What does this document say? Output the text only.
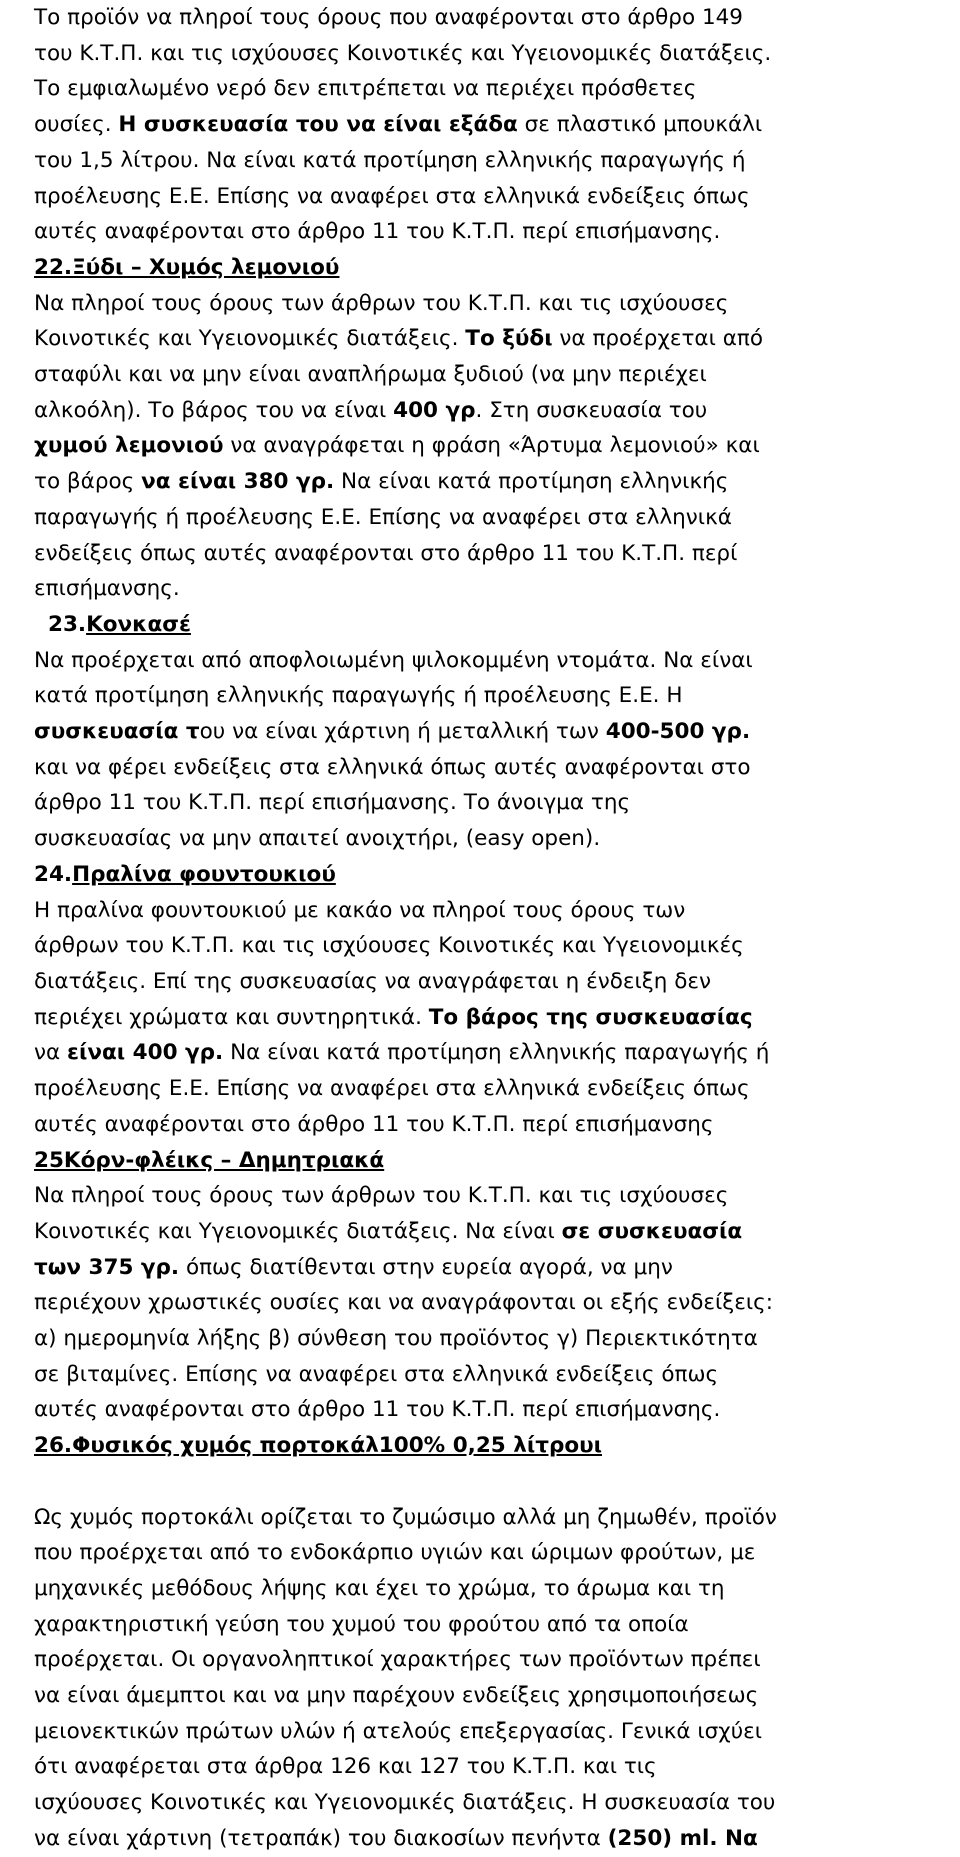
Το προϊόν να πληροί τους όρους που αναφέρονται στο άρθρο 149
του Κ.Τ.Π. και τις ισχύουσες Κοινοτικές και Υγειονομικές διατάξεις.
Το εμφιαλωμένο νερό δεν επιτρέπεται να περιέχει πρόσθετες
ουσίες. Η συσκευασία του να είναι εξάδα σε πλαστικό μπουκάλι
του 1,5 λίτρου. Να είναι κατά προτίμηση ελληνικής παραγωγής ή
προέλευσης Ε.Ε. Επίσης να αναφέρει στα ελληνικά ενδείξεις όπως
αυτές αναφέρονται στο άρθρο 11 του Κ.Τ.Π. περί επισήμανσης.
22.Ξύδι – Χυμός λεμονιού
Να πληροί τους όρους των άρθρων του Κ.Τ.Π. και τις ισχύουσες
Κοινοτικές και Υγειονομικές διατάξεις. Το ξύδι να προέρχεται από
σταφύλι και να μην είναι αναπλήρωμα ξυδιού (να μην περιέχει
αλκοόλη). Το βάρος του να είναι 400 γρ. Στη συσκευασία του
χυμού λεμονιού να αναγράφεται η φράση «Άρτυμα λεμονιού» και
το βάρος να είναι 380 γρ. Να είναι κατά προτίμηση ελληνικής
παραγωγής ή προέλευσης Ε.Ε. Επίσης να αναφέρει στα ελληνικά
ενδείξεις όπως αυτές αναφέρονται στο άρθρο 11 του Κ.Τ.Π. περί
επισήμανσης.
23.Κονκασέ
Να προέρχεται από αποφλοιωμένη ψιλοκομμένη ντομάτα. Να είναι
κατά προτίμηση ελληνικής παραγωγής ή προέλευσης Ε.Ε. Η
συσκευασία του να είναι χάρτινη ή μεταλλική των 400-500 γρ.
και να φέρει ενδείξεις στα ελληνικά όπως αυτές αναφέρονται στο
άρθρο 11 του Κ.Τ.Π. περί επισήμανσης. Το άνοιγμα της
συσκευασίας να μην απαιτεί ανοιχτήρι, (easy open).
24.Πραλίνα φουντουκιού
Η πραλίνα φουντουκιού με κακάο να πληροί τους όρους των
άρθρων του Κ.Τ.Π. και τις ισχύουσες Κοινοτικές και Υγειονομικές
διατάξεις. Επί της συσκευασίας να αναγράφεται η ένδειξη δεν
περιέχει χρώματα και συντηρητικά. Το βάρος της συσκευασίας
να είναι 400 γρ. Να είναι κατά προτίμηση ελληνικής παραγωγής ή
προέλευσης Ε.Ε. Επίσης να αναφέρει στα ελληνικά ενδείξεις όπως
αυτές αναφέρονται στο άρθρο 11 του Κ.Τ.Π. περί επισήμανσης
25Κόρν-φλέικς – Δημητριακά
Να πληροί τους όρους των άρθρων του Κ.Τ.Π. και τις ισχύουσες
Κοινοτικές και Υγειονομικές διατάξεις. Να είναι σε συσκευασία
των 375 γρ. όπως διατίθενται στην ευρεία αγορά, να μην
περιέχουν χρωστικές ουσίες και να αναγράφονται οι εξής ενδείξεις:
α) ημερομηνία λήξης β) σύνθεση του προϊόντος γ) Περιεκτικότητα
σε βιταμίνες. Επίσης να αναφέρει στα ελληνικά ενδείξεις όπως
αυτές αναφέρονται στο άρθρο 11 του Κ.Τ.Π. περί επισήμανσης.
26.Φυσικός χυμός πορτοκάλ100% 0,25 λίτρουι
Ως χυμός πορτοκάλι ορίζεται το ζυμώσιμο αλλά μη ζημωθέν, προϊόν
που προέρχεται από το ενδοκάρπιο υγιών και ώριμων φρούτων, με
μηχανικές μεθόδους λήψης και έχει το χρώμα, το άρωμα και τη
χαρακτηριστική γεύση του χυμού του φρούτου από τα οποία
προέρχεται. Οι οργανοληπτικοί χαρακτήρες των προϊόντων πρέπει
να είναι άμεμπτοι και να μην παρέχουν ενδείξεις χρησιμοποιήσεως
μειονεκτικών πρώτων υλών ή ατελούς επεξεργασίας. Γενικά ισχύει
ότι αναφέρεται στα άρθρα 126 και 127 του Κ.Τ.Π. και τις
ισχύουσες Κοινοτικές και Υγειονομικές διατάξεις. Η συσκευασία του
να είναι χάρτινη (τετραπάκ) του διακοσίων πενήντα (250) ml. Να
